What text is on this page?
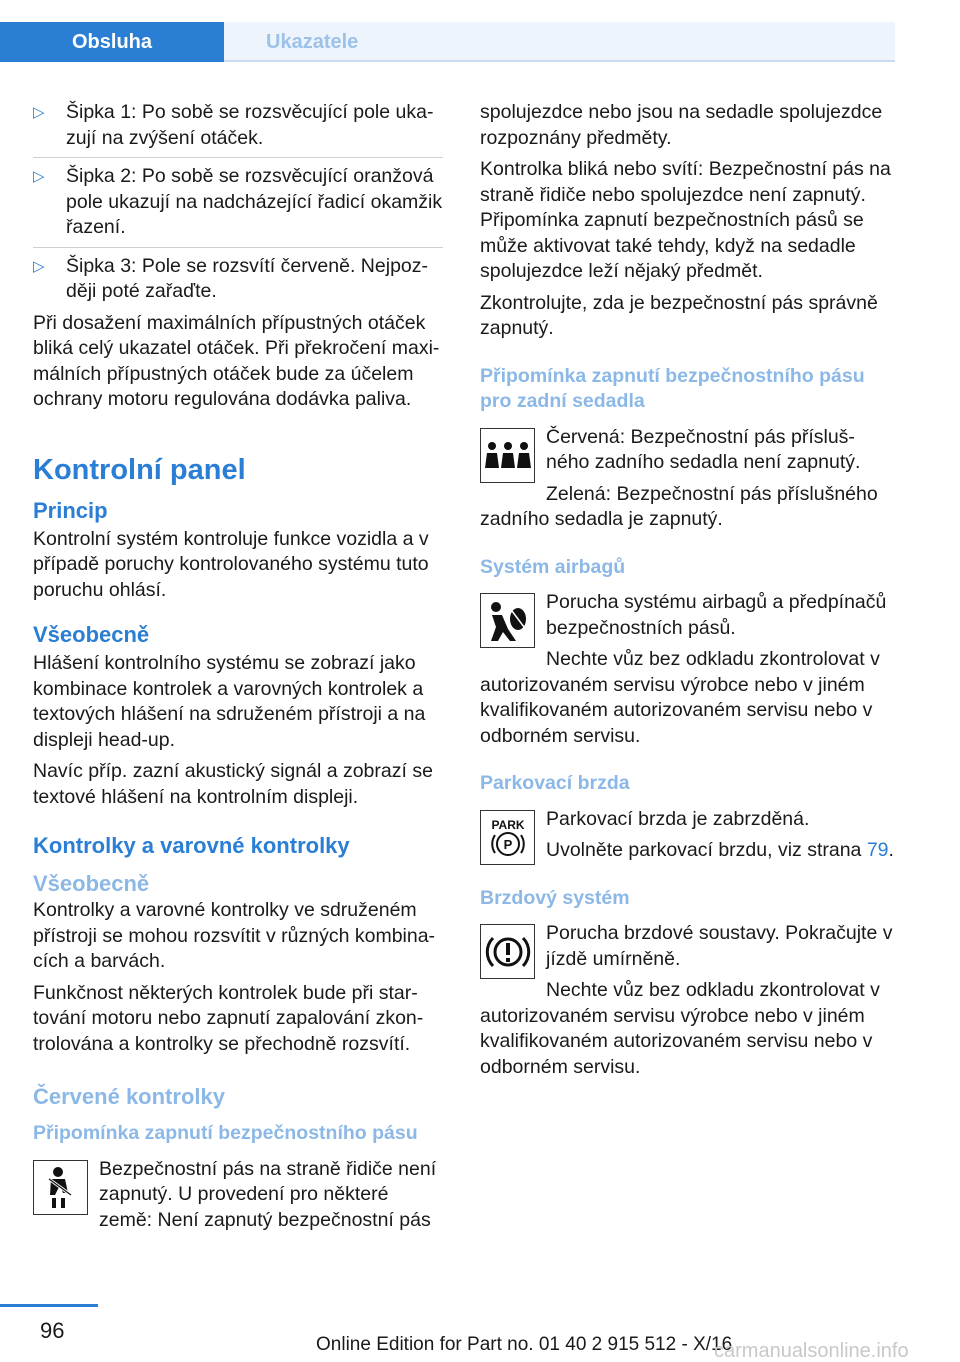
Obsluha	Ukazatele
▷ Šipka 1: Po sobě se rozsvěcující pole uka‐ zují na zvýšení otáček.
▷ Šipka 2: Po sobě se rozsvěcující oranžová pole ukazují na nadcházející řadicí okamžik řazení.
▷ Šipka 3: Pole se rozsvítí červeně. Nejpoz‐ ději poté zařaďte.

Při dosažení maximálních přípustných otáček bliká celý ukazatel otáček. Při překročení maxi‐ málních přípustných otáček bude za účelem ochrany motoru regulována dodávka paliva.

Kontrolní panel
Princip

Kontrolní systém kontroluje funkce vozidla a v případě poruchy kontrolovaného systému tuto poruchu ohlásí.

Všeobecně

Hlášení kontrolního systému se zobrazí jako kombinace kontrolek a varovných kontrolek a textových hlášení na sdruženém přístroji a na displeji head-up.

Navíc příp. zazní akustický signál a zobrazí se textové hlášení na kontrolním displeji.

Kontrolky a varovné kontrolky
Všeobecně

Kontrolky a varovné kontrolky ve sdruženém přístroji se mohou rozsvítit v různých kombina‐ cích a barvách.

Funkčnost některých kontrolek bude při star‐ tování motoru nebo zapnutí zapalování zkon‐ trolována a kontrolky se přechodně rozsvítí.

Červené kontrolky
Připomínka zapnutí bezpečnostního pásu

Bezpečnostní pás na straně řidiče není zapnutý. U provedení pro některé země: Není zapnutý bezpečnostní pás

spolujezdce nebo jsou na sedadle spolujezdce rozpoznány předměty.

Kontrolka bliká nebo svítí: Bezpečnostní pás na straně řidiče nebo spolujezdce není zapnutý. Připomínka zapnutí bezpečnostních pásů se může aktivovat také tehdy, když na sedadle spolujezdce leží nějaký předmět.

Zkontrolujte, zda je bezpečnostní pás správně zapnutý.

Připomínka zapnutí bezpečnostního pásu pro zadní sedadla

Červená: Bezpečnostní pás přísluš‐ ného zadního sedadla není zapnutý.

Zelená: Bezpečnostní pás příslušného zadního sedadla je zapnutý.

Systém airbagů

Porucha systému airbagů a předpínačů bezpečnostních pásů.

Nechte vůz bez odkladu zkontrolovat v autorizovaném servisu výrobce nebo v jiném kvalifikovaném autorizovaném servisu nebo v odborném servisu.

Parkovací brzda
PARK
P

Parkovací brzda je zabrzděná.

Uvolněte parkovací brzdu, viz strana 79.

Brzdový systém

Porucha brzdové soustavy. Pokračujte v jízdě umírněně.

Nechte vůz bez odkladu zkontrolovat v autorizovaném servisu výrobce nebo v jiném kvalifikovaném autorizovaném servisu nebo v odborném servisu.

96
Online Edition for Part no. 01 40 2 915 512 - X/16
carmanualsonline.info
